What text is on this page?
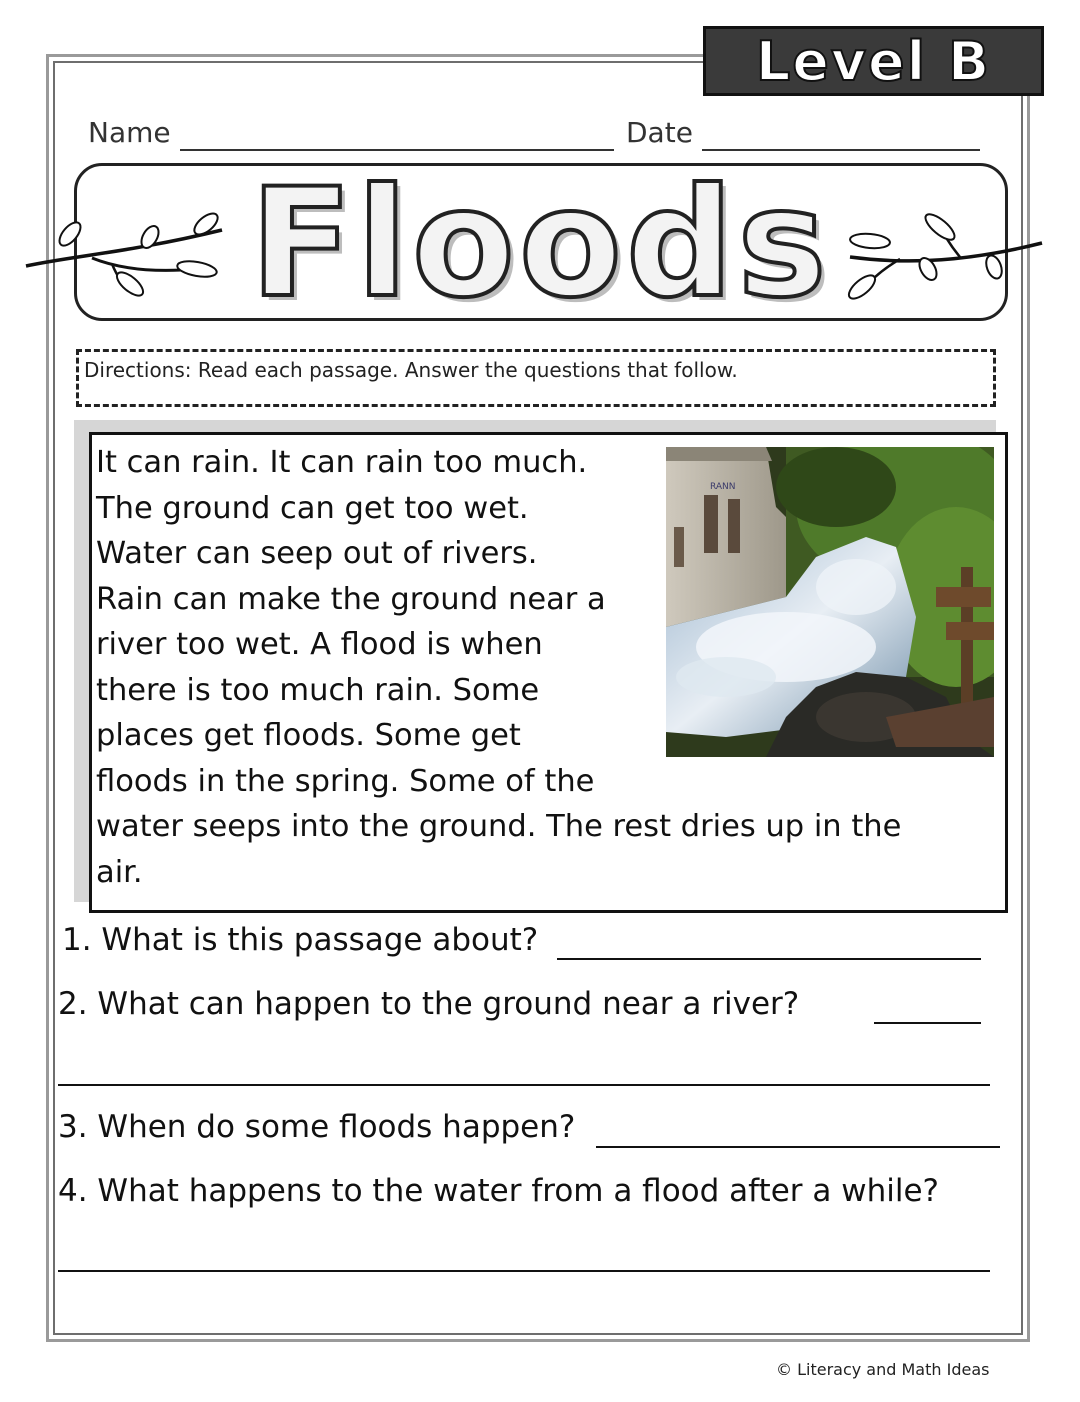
Level B
Name	Date
Floods
Directions: Read each passage. Answer the questions that follow.
It can rain. It can rain too much.
The ground can get too wet.
Water can seep out of rivers.
Rain can make the ground near a
river too wet. A flood is when
there is too much rain. Some
places get floods. Some get
floods in the spring. Some of the
water seeps into the ground. The rest dries up in the
air.
RANN
1. What is this passage about?
2. What can happen to the ground near a river?
3. When do some floods happen?
4. What happens to the water from a flood after a while?
© Literacy and Math Ideas
